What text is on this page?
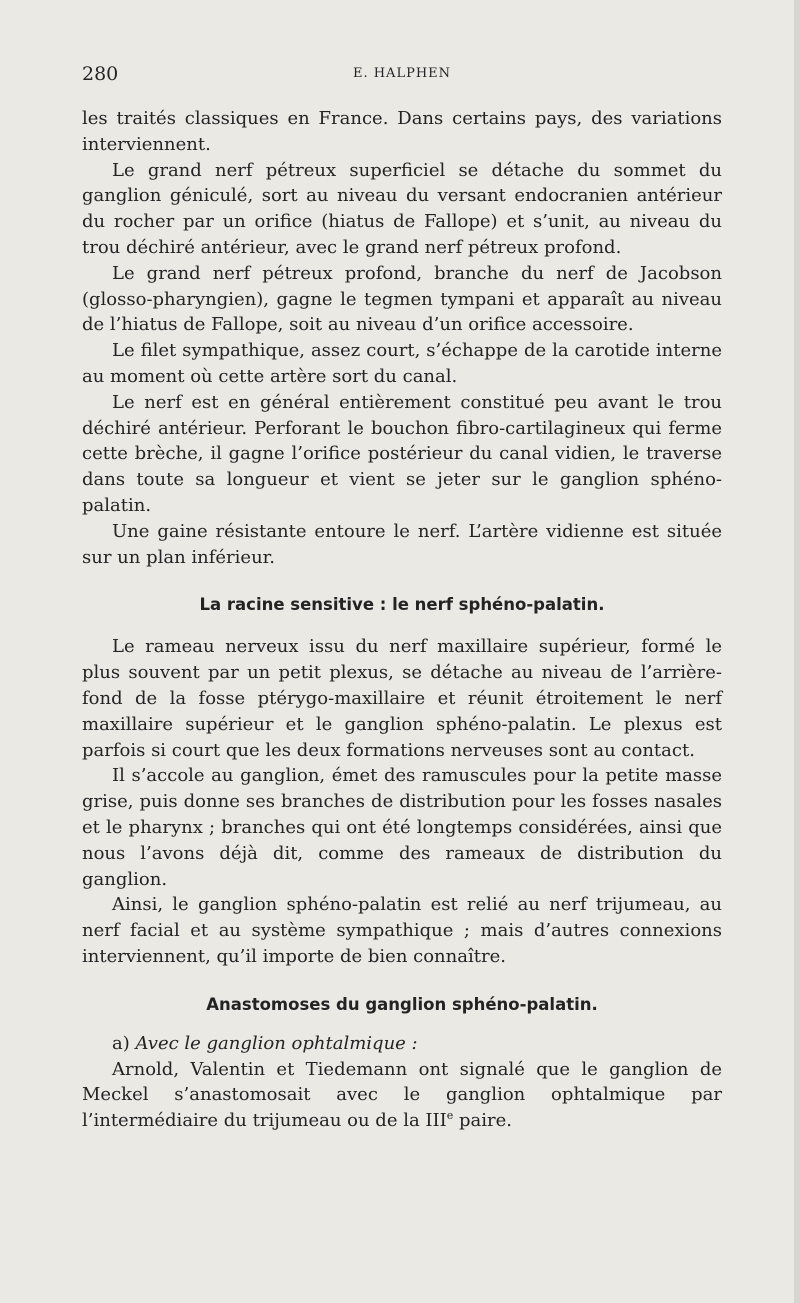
280	E. HALPHEN

les traités classiques en France. Dans certains pays, des variations interviennent.

Le grand nerf pétreux superficiel se détache du sommet du ganglion géniculé, sort au niveau du versant endocranien antérieur du rocher par un orifice (hiatus de Fallope) et s’unit, au niveau du trou déchiré antérieur, avec le grand nerf pétreux profond.

Le grand nerf pétreux profond, branche du nerf de Jacobson (glosso-pharyngien), gagne le tegmen tympani et apparaît au niveau de l’hiatus de Fallope, soit au niveau d’un orifice accessoire.

Le filet sympathique, assez court, s’échappe de la carotide interne au moment où cette artère sort du canal.

Le nerf est en général entièrement constitué peu avant le trou déchiré antérieur. Perforant le bouchon fibro-cartilagineux qui ferme cette brèche, il gagne l’orifice postérieur du canal vidien, le traverse dans toute sa longueur et vient se jeter sur le ganglion sphéno-palatin.

Une gaine résistante entoure le nerf. L’artère vidienne est située sur un plan inférieur.

La racine sensitive : le nerf sphéno-palatin.

Le rameau nerveux issu du nerf maxillaire supérieur, formé le plus souvent par un petit plexus, se détache au niveau de l’arrière-fond de la fosse ptérygo-maxillaire et réunit étroitement le nerf maxillaire supérieur et le ganglion sphéno-palatin. Le plexus est parfois si court que les deux formations nerveuses sont au contact.

Il s’accole au ganglion, émet des ramuscules pour la petite masse grise, puis donne ses branches de distribution pour les fosses nasales et le pharynx ; branches qui ont été longtemps considérées, ainsi que nous l’avons déjà dit, comme des rameaux de distribution du ganglion.

Ainsi, le ganglion sphéno-palatin est relié au nerf trijumeau, au nerf facial et au système sympathique ; mais d’autres connexions interviennent, qu’il importe de bien connaître.

Anastomoses du ganglion sphéno-palatin.

a) Avec le ganglion ophtalmique :

Arnold, Valentin et Tiedemann ont signalé que le ganglion de Meckel s’anastomosait avec le ganglion ophtalmique par l’intermédiaire du trijumeau ou de la IIIe paire.
